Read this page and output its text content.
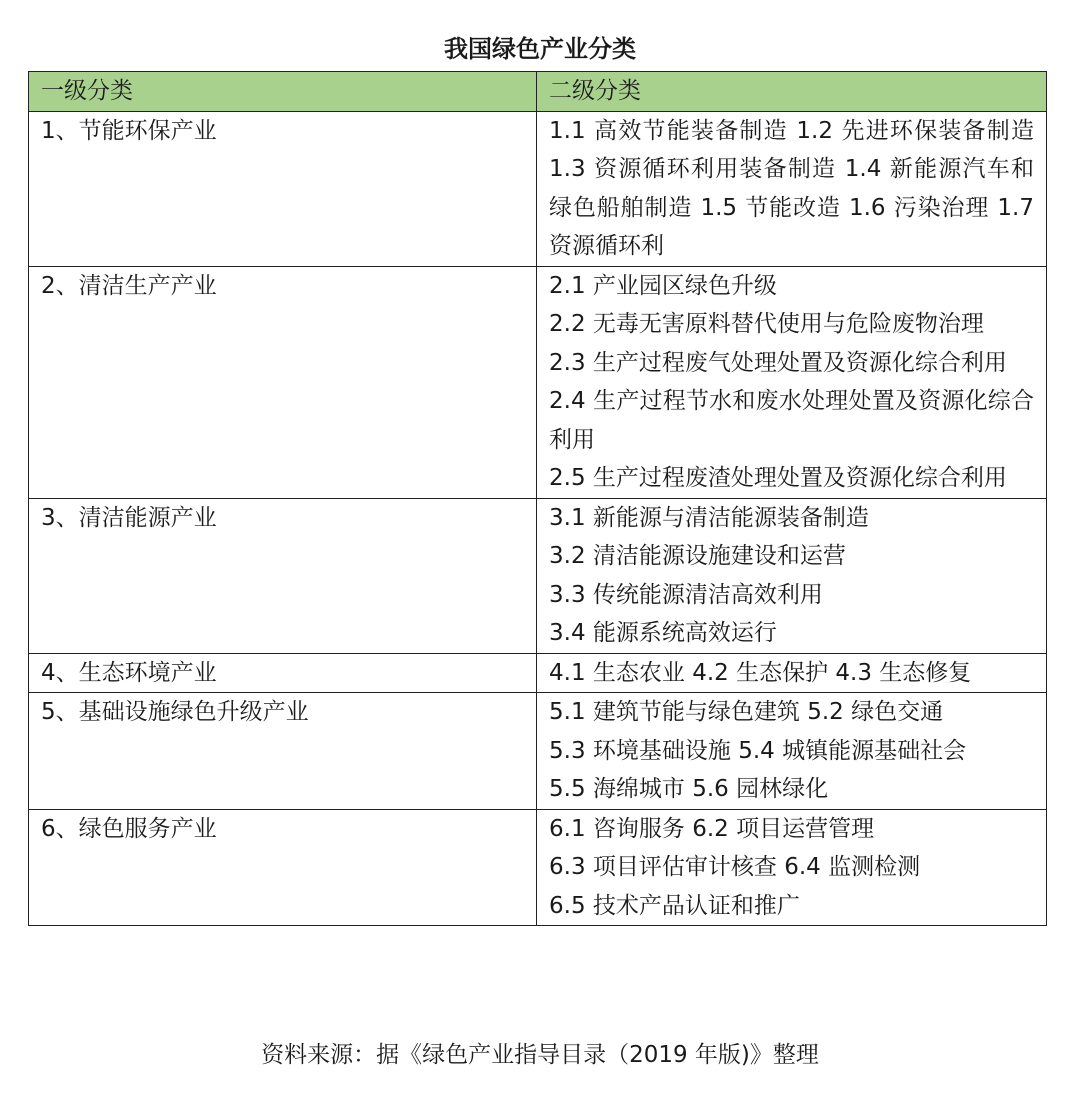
我国绿色产业分类
一级分类	二级分类
1、节能环保产业	1.1 高效节能装备制造 1.2 先进环保装备制造 1.3 资源循环利用装备制造 1.4 新能源汽车和绿色船舶制造 1.5 节能改造 1.6 污染治理 1.7 资源循环利

2、清洁生产产业	2.1 产业园区绿色升级
2.2 无毒无害原料替代使用与危险废物治理
2.3 生产过程废气处理处置及资源化综合利用
2.4 生产过程节水和废水处理处置及资源化综合利用
2.5 生产过程废渣处理处置及资源化综合利用

3、清洁能源产业	3.1 新能源与清洁能源装备制造
3.2 清洁能源设施建设和运营
3.3 传统能源清洁高效利用
3.4 能源系统高效运行

4、生态环境产业	4.1 生态农业 4.2 生态保护 4.3 生态修复

5、基础设施绿色升级产业	5.1 建筑节能与绿色建筑 5.2 绿色交通
5.3 环境基础设施 5.4 城镇能源基础社会
5.5 海绵城市 5.6 园林绿化

6、绿色服务产业	6.1 咨询服务 6.2 项目运营管理
6.3 项目评估审计核查 6.4 监测检测
6.5 技术产品认证和推广
资料来源：据《绿色产业指导目录（2019 年版)》整理
